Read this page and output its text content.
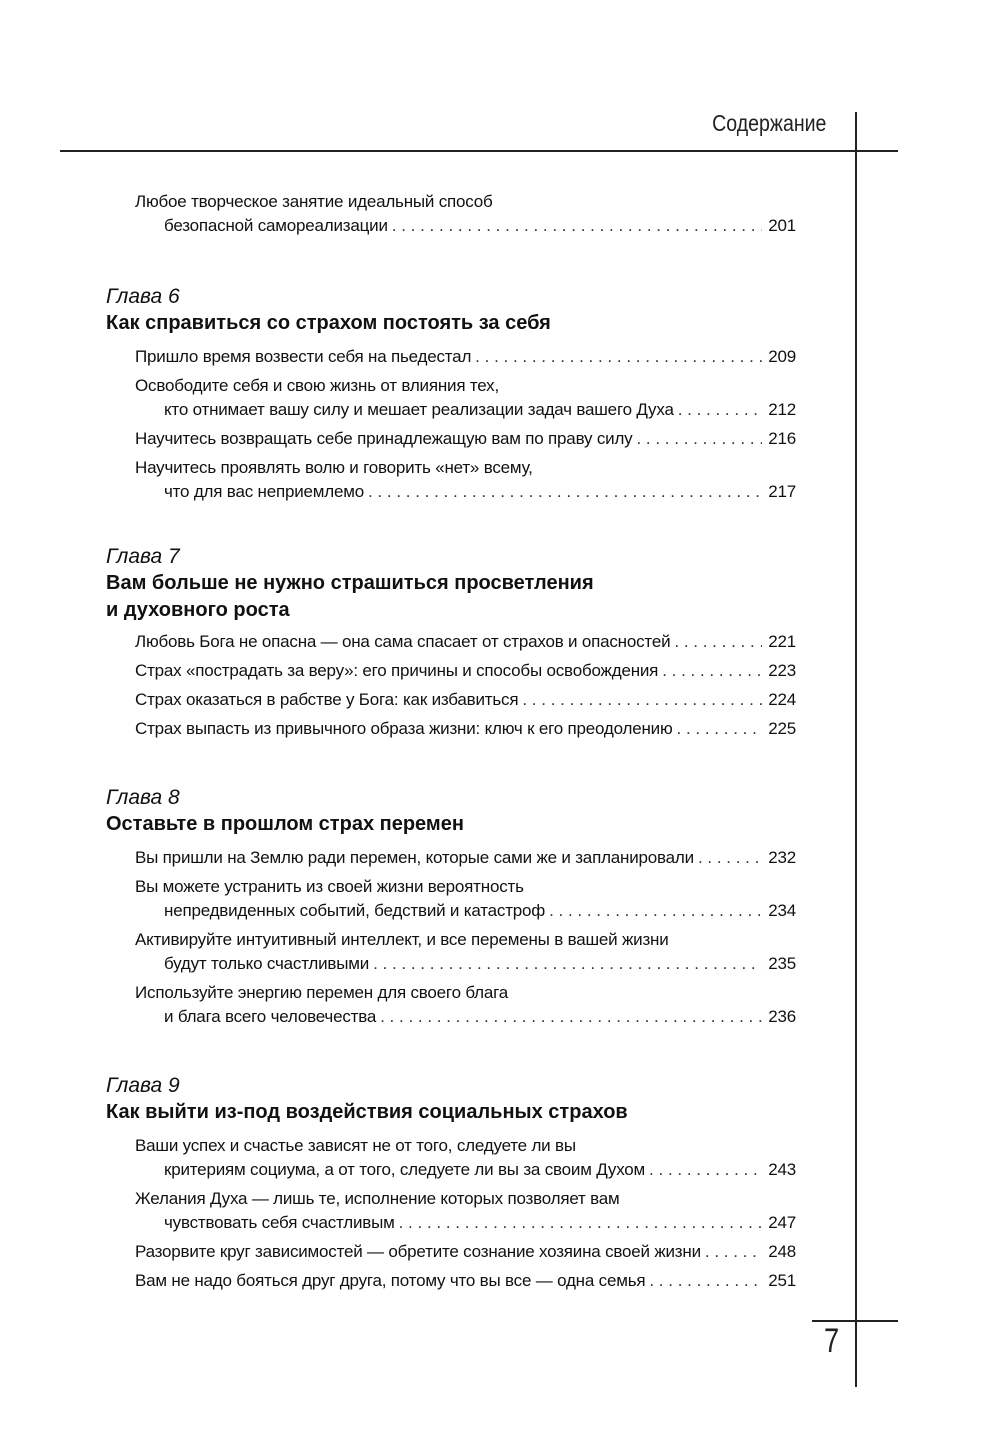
Содержание
Любое творческое занятие идеальный способ
безопасной самореализации . . .	201
Глава 6
Как справиться со страхом постоять за себя
Пришло время возвести себя на пьедестал . . .	209
Освободите себя и свою жизнь от влияния тех,
кто отнимает вашу силу и мешает реализации задач вашего Духа . . .	212
Научитесь возвращать себе принадлежащую вам по праву силу . . .	216
Научитесь проявлять волю и говорить «нет» всему,
что для вас неприемлемо . . .	217
Глава 7
Вам больше не нужно страшиться просветления
и духовного роста
Любовь Бога не опасна — она сама спасает от страхов и опасностей . . .	221
Страх «пострадать за веру»: его причины и способы освобождения . . .	223
Страх оказаться в рабстве у Бога: как избавиться . . .	224
Страх выпасть из привычного образа жизни: ключ к его преодолению . . .	225
Глава 8
Оставьте в прошлом страх перемен
Вы пришли на Землю ради перемен, которые сами же и запланировали . . .	232
Вы можете устранить из своей жизни вероятность
непредвиденных событий, бедствий и катастроф . . .	234
Активируйте интуитивный интеллект, и все перемены в вашей жизни
будут только счастливыми . . .	235
Используйте энергию перемен для своего блага
и блага всего человечества . . .	236
Глава 9
Как выйти из-под воздействия социальных страхов
Ваши успех и счастье зависят не от того, следуете ли вы
критериям социума, а от того, следуете ли вы за своим Духом . . .	243
Желания Духа — лишь те, исполнение которых позволяет вам
чувствовать себя счастливым . . .	247
Разорвите круг зависимостей — обретите сознание хозяина своей жизни . . .	248
Вам не надо бояться друг друга, потому что вы все — одна семья . . .	251
7
